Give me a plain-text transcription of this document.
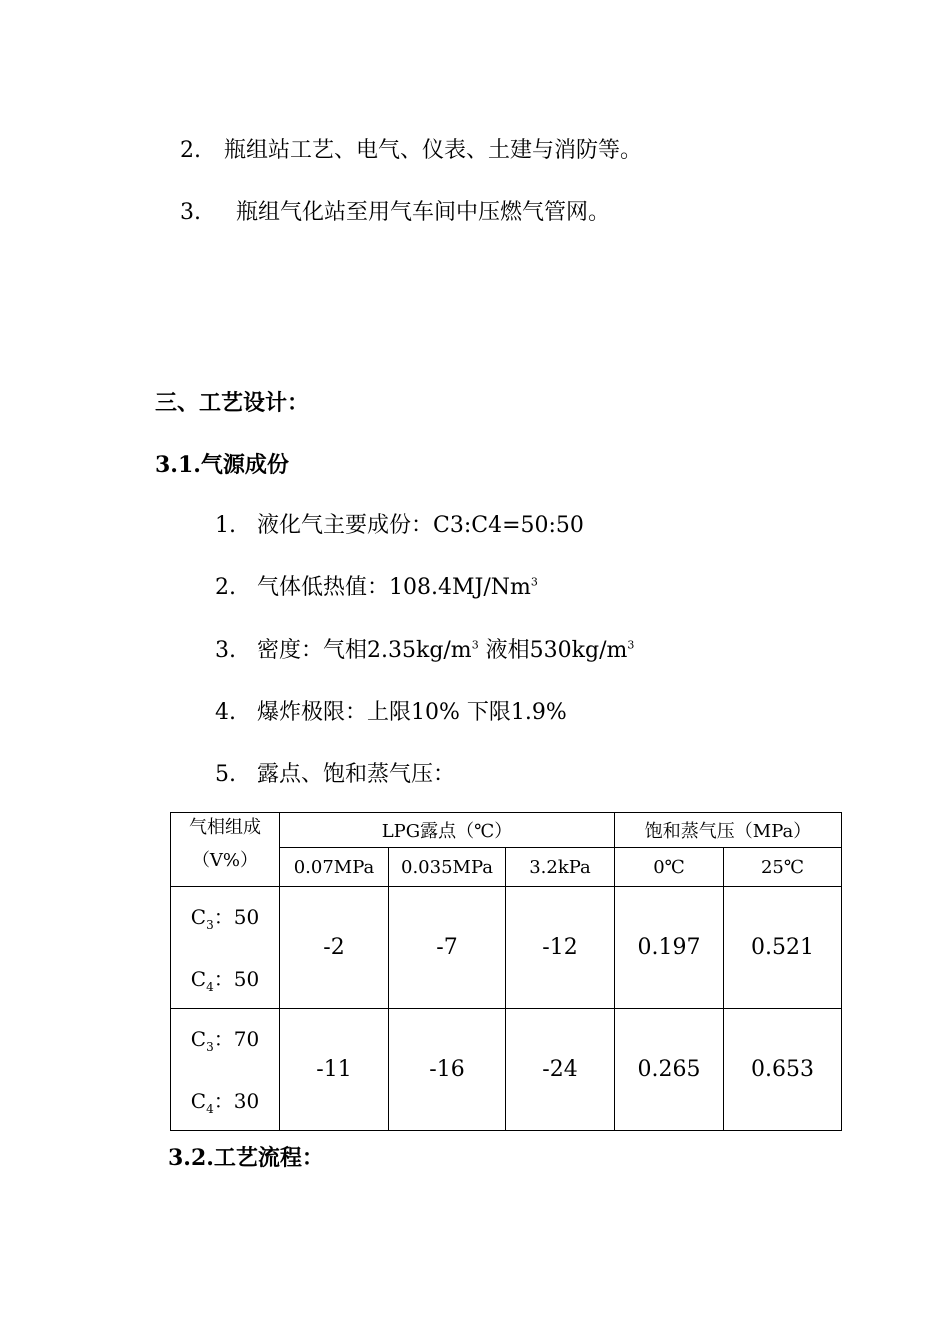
2. 瓶组站工艺、电气、仪表、土建与消防等。
3. 瓶组气化站至用气车间中压燃气管网。
三、工艺设计：
3.1.气源成份
1. 液化气主要成份：C3:C4=50:50
2. 气体低热值：108.4MJ/Nm$^3$
3. 密度：气相$2.35kg/m^3$ 液相$530kg/m^3$
4. 爆炸极限：上限10% 下限1.9%
5. 露点、饱和蒸气压：
气相组成
（V%）	LPG露点（℃）			饱和蒸气压（MPa）	
	0.07MPa	0.035MPa	3.2kPa	0℃	25℃

$C_3$：50
$C_4$：50	-2	-7	-12	0.197	0.521

$C_3$：70
$C_4$：30	-11	-16	-24	0.265	0.653
3.2.工艺流程：
